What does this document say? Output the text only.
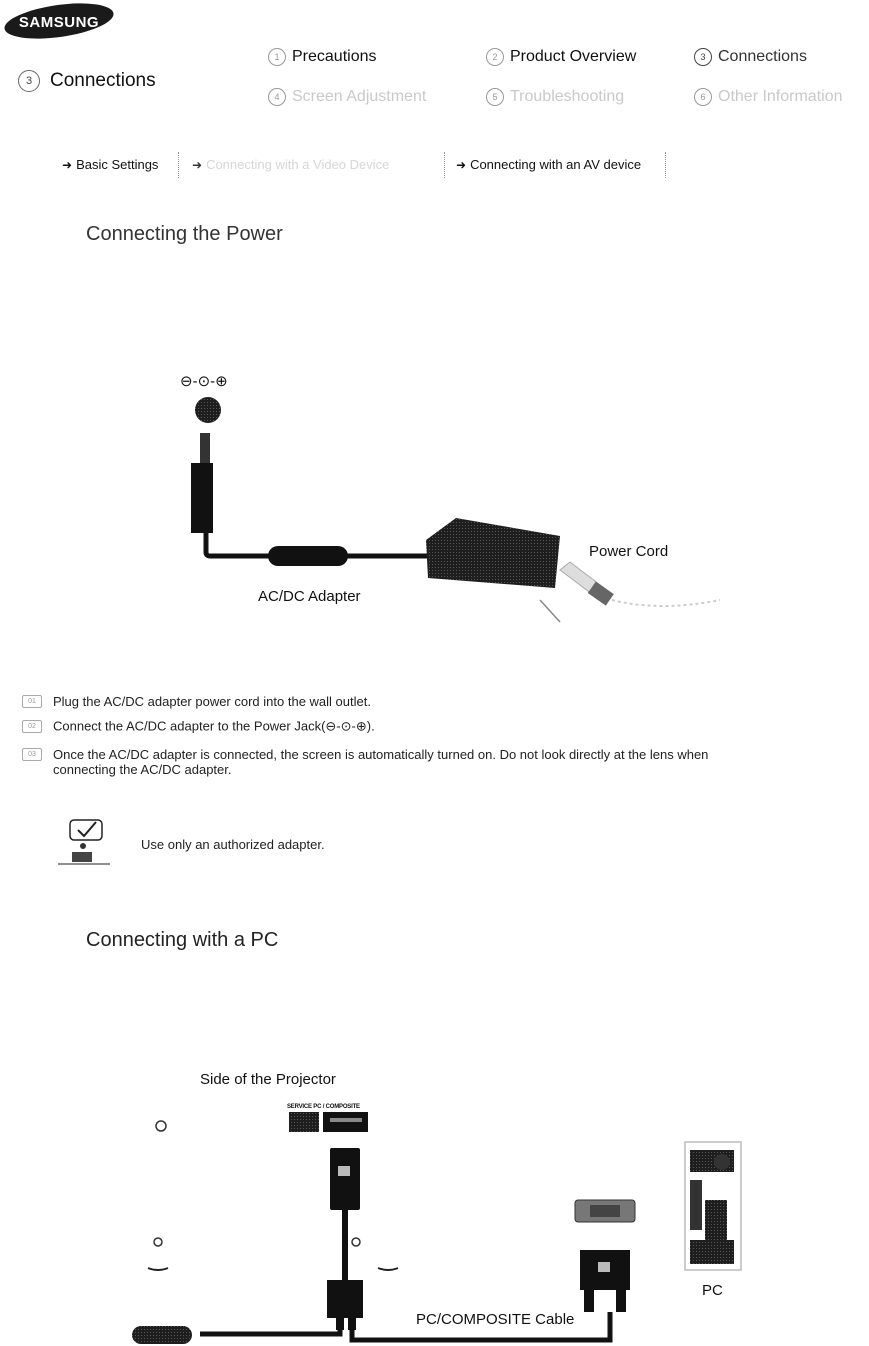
SAMSUNG
3 Connections
1 Precautions	2 Product Overview	3 Connections
4 Screen Adjustment	5 Troubleshooting	6 Other Information
➜ Basic Settings	➜ Connecting with a Video Device	➜ Connecting with an AV device
Connecting the Power
⊖-⊙-⊕
AC/DC Adapter
Power Cord
01 Plug the AC/DC adapter power cord into the wall outlet.
02 Connect the AC/DC adapter to the Power Jack(⊖-⊙-⊕).
03 Once the AC/DC adapter is connected, the screen is automatically turned on. Do not look directly at the lens when
connecting the AC/DC adapter.
Use only an authorized adapter.
Connecting with a PC
Side of the Projector
SERVICE PC / COMPOSITE
PC/COMPOSITE Cable
PC
